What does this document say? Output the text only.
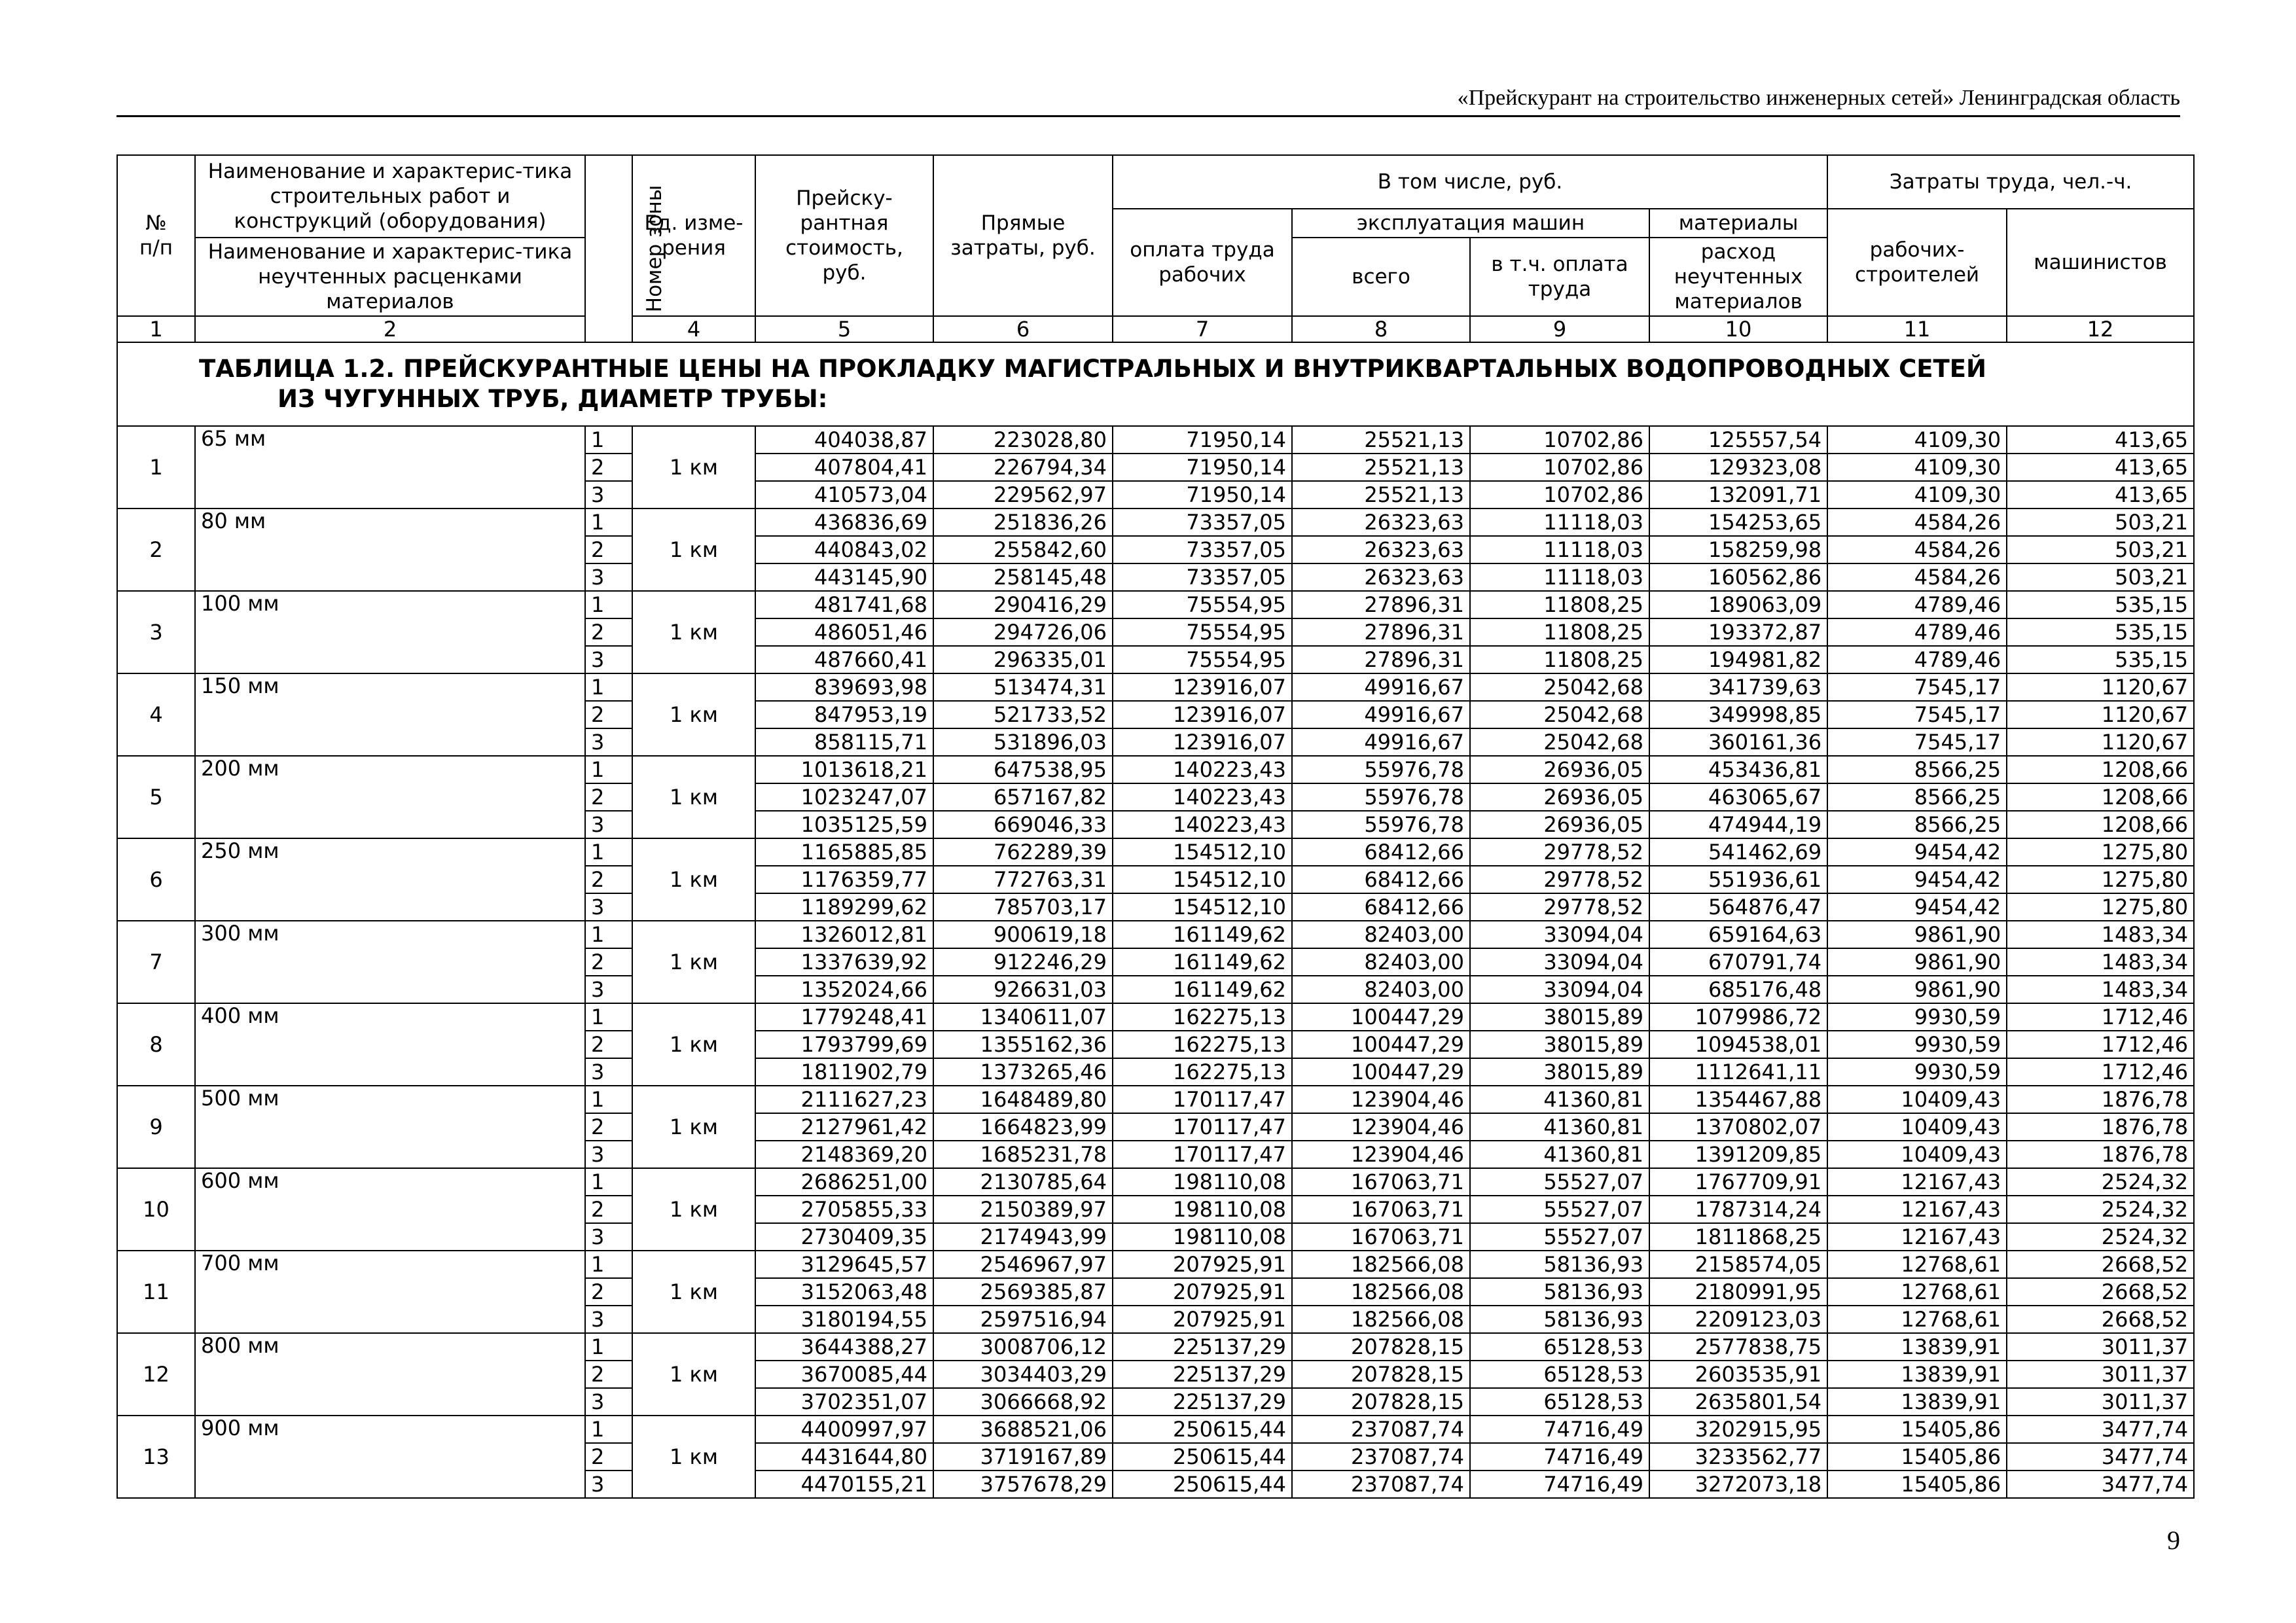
«Прейскурант на строительство инженерных сетей» Ленинградская область
№
п/п	Наименование и характерис-тика строительных работ и конструкций (оборудования)	Номер зоны	Ед. изме-рения	Прейску-рантная стоимость, руб.	Прямые затраты, руб.	В том числе, руб.				Затраты труда, чел.-ч.	
						оплата труда рабочих	эксплуатация машин		материалы	рабочих-строителей	машинистов
	Наименование и характерис-тика неучтенных расценками материалов						всего	в т.ч. оплата труда	расход неучтенных материалов		
1	2		4	5	6	7	8	9	10	11	12

ТАБЛИЦА 1.2. ПРЕЙСКУРАНТНЫЕ ЦЕНЫ НА ПРОКЛАДКУ МАГИСТРАЛЬНЫХ И ВНУТРИКВАРТАЛЬНЫХ ВОДОПРОВОДНЫХ СЕТЕЙ
ИЗ ЧУГУННЫХ ТРУБ, ДИАМЕТР ТРУБЫ:											

1	65 мм	1	1 км	404038,87	223028,80	71950,14	25521,13	10702,86	125557,54	4109,30	413,65
		2		407804,41	226794,34	71950,14	25521,13	10702,86	129323,08	4109,30	413,65
		3		410573,04	229562,97	71950,14	25521,13	10702,86	132091,71	4109,30	413,65
2	80 мм	1	1 км	436836,69	251836,26	73357,05	26323,63	11118,03	154253,65	4584,26	503,21
		2		440843,02	255842,60	73357,05	26323,63	11118,03	158259,98	4584,26	503,21
		3		443145,90	258145,48	73357,05	26323,63	11118,03	160562,86	4584,26	503,21
3	100 мм	1	1 км	481741,68	290416,29	75554,95	27896,31	11808,25	189063,09	4789,46	535,15
		2		486051,46	294726,06	75554,95	27896,31	11808,25	193372,87	4789,46	535,15
		3		487660,41	296335,01	75554,95	27896,31	11808,25	194981,82	4789,46	535,15
4	150 мм	1	1 км	839693,98	513474,31	123916,07	49916,67	25042,68	341739,63	7545,17	1120,67
		2		847953,19	521733,52	123916,07	49916,67	25042,68	349998,85	7545,17	1120,67
		3		858115,71	531896,03	123916,07	49916,67	25042,68	360161,36	7545,17	1120,67
5	200 мм	1	1 км	1013618,21	647538,95	140223,43	55976,78	26936,05	453436,81	8566,25	1208,66
		2		1023247,07	657167,82	140223,43	55976,78	26936,05	463065,67	8566,25	1208,66
		3		1035125,59	669046,33	140223,43	55976,78	26936,05	474944,19	8566,25	1208,66
6	250 мм	1	1 км	1165885,85	762289,39	154512,10	68412,66	29778,52	541462,69	9454,42	1275,80
		2		1176359,77	772763,31	154512,10	68412,66	29778,52	551936,61	9454,42	1275,80
		3		1189299,62	785703,17	154512,10	68412,66	29778,52	564876,47	9454,42	1275,80
7	300 мм	1	1 км	1326012,81	900619,18	161149,62	82403,00	33094,04	659164,63	9861,90	1483,34
		2		1337639,92	912246,29	161149,62	82403,00	33094,04	670791,74	9861,90	1483,34
		3		1352024,66	926631,03	161149,62	82403,00	33094,04	685176,48	9861,90	1483,34
8	400 мм	1	1 км	1779248,41	1340611,07	162275,13	100447,29	38015,89	1079986,72	9930,59	1712,46
		2		1793799,69	1355162,36	162275,13	100447,29	38015,89	1094538,01	9930,59	1712,46
		3		1811902,79	1373265,46	162275,13	100447,29	38015,89	1112641,11	9930,59	1712,46
9	500 мм	1	1 км	2111627,23	1648489,80	170117,47	123904,46	41360,81	1354467,88	10409,43	1876,78
		2		2127961,42	1664823,99	170117,47	123904,46	41360,81	1370802,07	10409,43	1876,78
		3		2148369,20	1685231,78	170117,47	123904,46	41360,81	1391209,85	10409,43	1876,78
10	600 мм	1	1 км	2686251,00	2130785,64	198110,08	167063,71	55527,07	1767709,91	12167,43	2524,32
		2		2705855,33	2150389,97	198110,08	167063,71	55527,07	1787314,24	12167,43	2524,32
		3		2730409,35	2174943,99	198110,08	167063,71	55527,07	1811868,25	12167,43	2524,32
11	700 мм	1	1 км	3129645,57	2546967,97	207925,91	182566,08	58136,93	2158574,05	12768,61	2668,52
		2		3152063,48	2569385,87	207925,91	182566,08	58136,93	2180991,95	12768,61	2668,52
		3		3180194,55	2597516,94	207925,91	182566,08	58136,93	2209123,03	12768,61	2668,52
12	800 мм	1	1 км	3644388,27	3008706,12	225137,29	207828,15	65128,53	2577838,75	13839,91	3011,37
		2		3670085,44	3034403,29	225137,29	207828,15	65128,53	2603535,91	13839,91	3011,37
		3		3702351,07	3066668,92	225137,29	207828,15	65128,53	2635801,54	13839,91	3011,37
13	900 мм	1	1 км	4400997,97	3688521,06	250615,44	237087,74	74716,49	3202915,95	15405,86	3477,74
		2		4431644,80	3719167,89	250615,44	237087,74	74716,49	3233562,77	15405,86	3477,74
		3		4470155,21	3757678,29	250615,44	237087,74	74716,49	3272073,18	15405,86	3477,74
9
